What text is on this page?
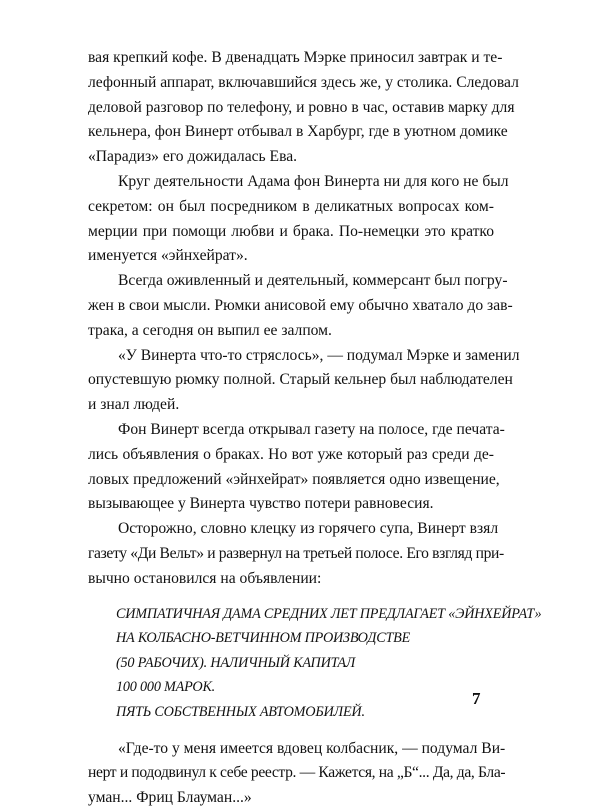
вая крепкий кофе. В двенадцать Мэрке приносил завтрак и те-
лефонный аппарат, включавшийся здесь же, у столика. Следовал
деловой разговор по телефону, и ровно в час, оставив марку для
кельнера, фон Винерт отбывал в Харбург, где в уютном домике
«Парадиз» его дожидалась Ева.
Круг деятельности Адама фон Винерта ни для кого не был
секретом: он был посредником в деликатных вопросах ком-
мерции при помощи любви и брака. По-немецки это кратко
именуется «эйнхейрат».
Всегда оживленный и деятельный, коммерсант был погру-
жен в свои мысли. Рюмки анисовой ему обычно хватало до зав-
трака, а сегодня он выпил ее залпом.
«У Винерта что-то стряслось», — подумал Мэрке и заменил
опустевшую рюмку полной. Старый кельнер был наблюдателен
и знал людей.
Фон Винерт всегда открывал газету на полосе, где печата-
лись объявления о браках. Но вот уже который раз среди де-
ловых предложений «эйнхейрат» появляется одно извещение,
вызывающее у Винерта чувство потери равновесия.
Осторожно, словно клецку из горячего супа, Винерт взял
газету «Ди Вельт» и развернул на третьей полосе. Его взгляд при-
вычно остановился на объявлении:
СИМПАТИЧНАЯ ДАМА СРЕДНИХ ЛЕТ ПРЕДЛАГАЕТ «ЭЙНХЕЙРАТ»
НА КОЛБАСНО-ВЕТЧИННОМ ПРОИЗВОДСТВЕ
(50 РАБОЧИХ). НАЛИЧНЫЙ КАПИТАЛ
100 000 МАРОК.
ПЯТЬ СОБСТВЕННЫХ АВТОМОБИЛЕЙ.
«Где-то у меня имеется вдовец колбасник, — подумал Ви-
нерт и пододвинул к себе реестр. — Кажется, на „Б“... Да, да, Бла-
уман... Фриц Блауман...»
7
